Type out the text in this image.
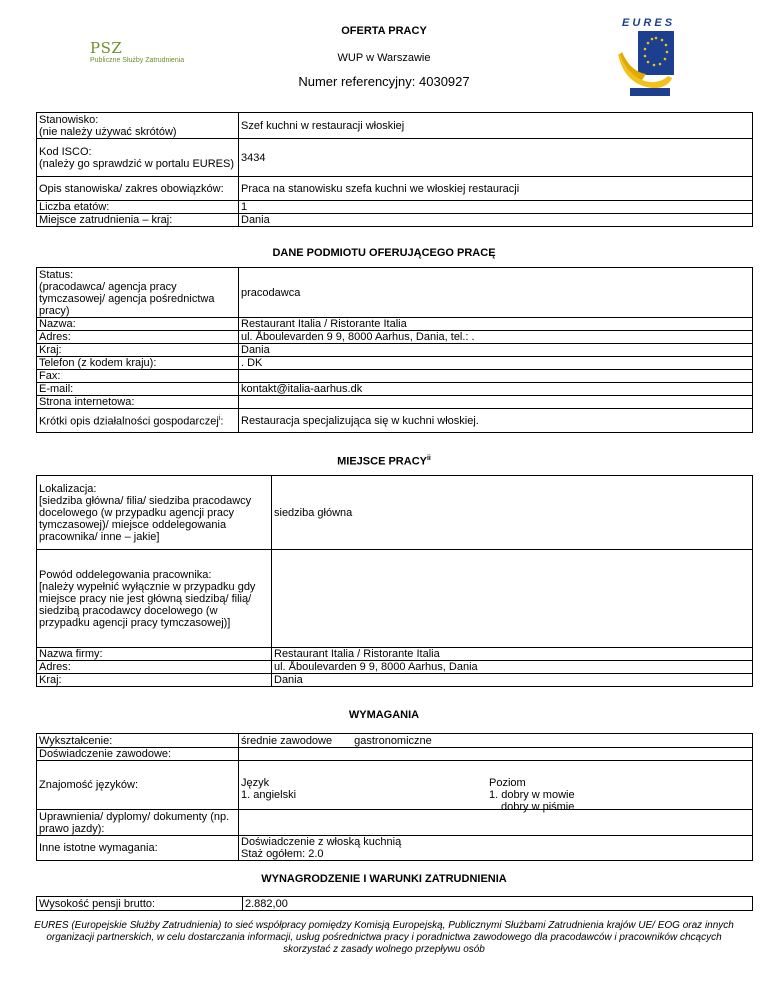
OFERTA PRACY
WUP w Warszawie
Numer referencyjny: 4030927
PSZ
Publiczne Służby Zatrudnienia
E U R E S
Stanowisko:
(nie należy używać skrótów)	Szef kuchni w restauracji włoskiej
Kod ISCO:
(należy go sprawdzić w portalu EURES)	3434
Opis stanowiska/ zakres obowiązków:	Praca na stanowisku szefa kuchni we włoskiej restauracji
Liczba etatów:	1
Miejsce zatrudnienia – kraj:	Dania
DANE PODMIOTU OFERUJĄCEGO PRACĘ
Status:
(pracodawca/ agencja pracy tymczasowej/ agencja pośrednictwa pracy)	pracodawca
Nazwa:	Restaurant Italia / Ristorante Italia
Adres:	ul. Åboulevarden 9 9, 8000 Aarhus, Dania, tel.: .
Kraj:	Dania
Telefon (z kodem kraju):	. DK
Fax:	
E-mail:	kontakt@italia-aarhus.dk
Strona internetowa:	
Krótki opis działalności gospodarczej$^i$:	Restauracja specjalizująca się w kuchni włoskiej.
MIEJSCE PRACY$^{ii}$
Lokalizacja:
[siedziba główna/ filia/ siedziba pracodawcy docelowego (w przypadku agencji pracy tymczasowej)/ miejsce oddelegowania pracownika/ inne – jakie]	siedziba główna
Powód oddelegowania pracownika:
[należy wypełnić wyłącznie w przypadku gdy miejsce pracy nie jest główną siedzibą/ filią/ siedzibą pracodawcy docelowego (w przypadku agencji pracy tymczasowej)]	
Nazwa firmy:	Restaurant Italia / Ristorante Italia
Adres:	ul. Åboulevarden 9 9, 8000 Aarhus, Dania
Kraj:	Dania
WYMAGANIA
Wykształcenie:	średnie zawodowe gastronomiczne
Doświadczenie zawodowe:	
Znajomość języków:	Język
1. angielski
Poziom
1. dobry w mowie
dobry w piśmie

Uprawnienia/ dyplomy/ dokumenty (np. prawo jazdy):	
Inne istotne wymagania:	Doświadczenie z włoską kuchnią
Staż ogółem: 2.0
WYNAGRODZENIE I WARUNKI ZATRUDNIENIA
Wysokość pensji brutto:	2.882,00
EURES (Europejskie Służby Zatrudnienia) to sieć współpracy pomiędzy Komisją Europejską, Publicznymi Służbami Zatrudnienia krajów UE/ EOG oraz innych organizacji partnerskich, w celu dostarczania informacji, usług pośrednictwa pracy i poradnictwa zawodowego dla pracodawców i pracowników chcących skorzystać z zasady wolnego przepływu osób
